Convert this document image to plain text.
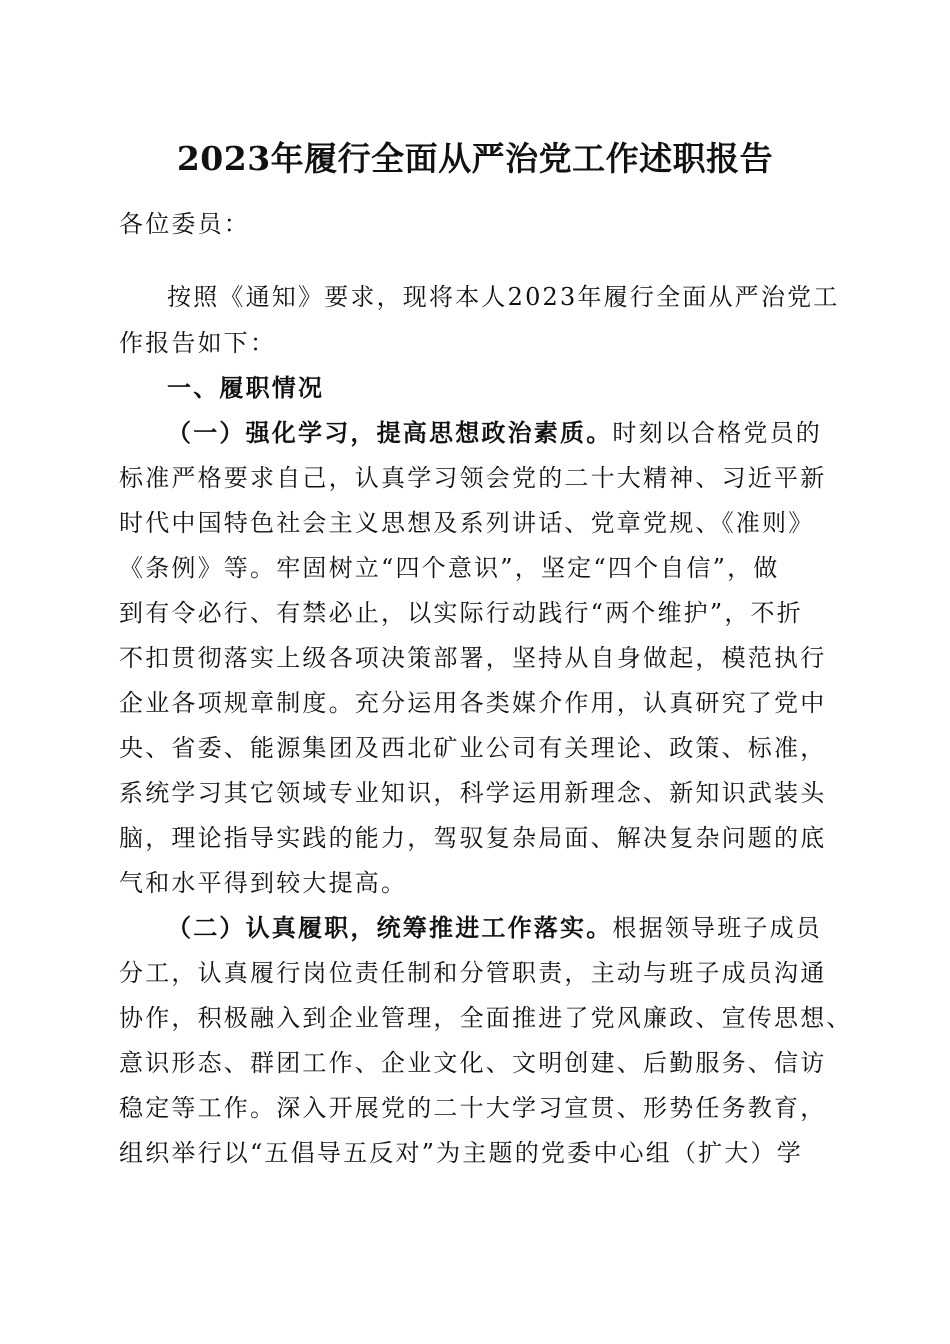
2023年履行全面从严治党工作述职报告
各位委员：
按照《通知》要求，现将本人2023年履行全面从严治党工
作报告如下：
一、履职情况
（一）强化学习，提高思想政治素质。时刻以合格党员的
标准严格要求自己，认真学习领会党的二十大精神、习近平新
时代中国特色社会主义思想及系列讲话、党章党规、《准则》
《条例》等。牢固树立“四个意识”，坚定“四个自信”，做
到有令必行、有禁必止，以实际行动践行“两个维护”，不折
不扣贯彻落实上级各项决策部署，坚持从自身做起，模范执行
企业各项规章制度。充分运用各类媒介作用，认真研究了党中
央、省委、能源集团及西北矿业公司有关理论、政策、标准，
系统学习其它领域专业知识，科学运用新理念、新知识武装头
脑，理论指导实践的能力，驾驭复杂局面、解决复杂问题的底
气和水平得到较大提高。
（二）认真履职，统筹推进工作落实。根据领导班子成员
分工，认真履行岗位责任制和分管职责，主动与班子成员沟通
协作，积极融入到企业管理，全面推进了党风廉政、宣传思想、
意识形态、群团工作、企业文化、文明创建、后勤服务、信访
稳定等工作。深入开展党的二十大学习宣贯、形势任务教育，
组织举行以“五倡导五反对”为主题的党委中心组（扩大）学
